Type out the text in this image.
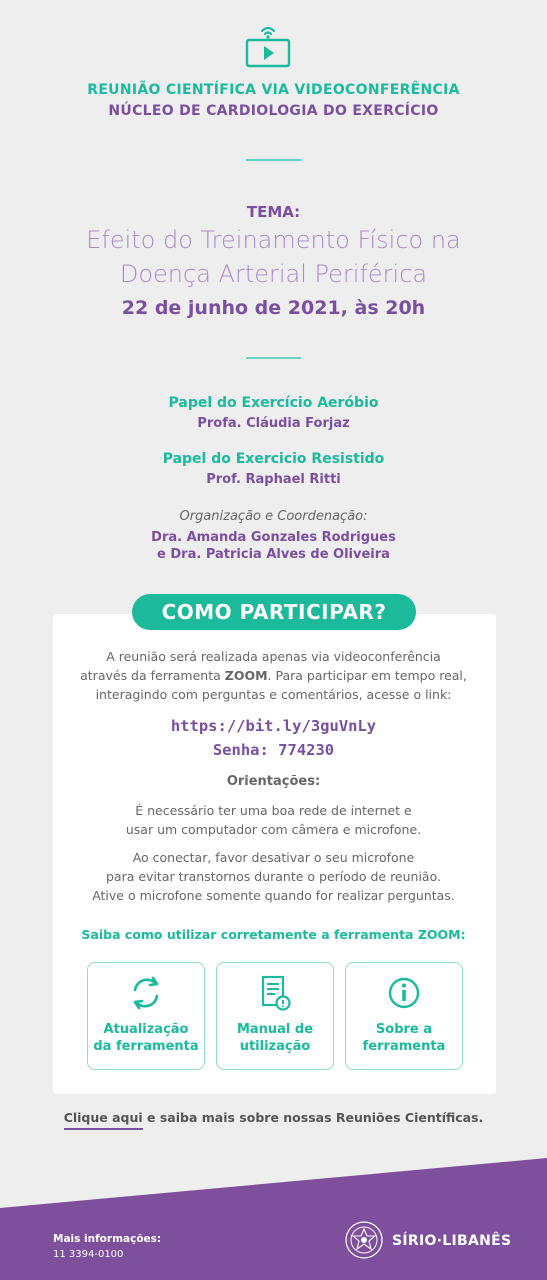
REUNIÃO CIENTÍFICA VIA VIDEOCONFERÊNCIA
NÚCLEO DE CARDIOLOGIA DO EXERCÍCIO
TEMA:
Efeito do Treinamento Físico na
Doença Arterial Periférica
22 de junho de 2021, às 20h
Papel do Exercício Aeróbio
Profa. Cláudia Forjaz
Papel do Exercicio Resistido
Prof. Raphael Ritti
Organização e Coordenação:
Dra. Amanda Gonzales Rodrigues
e Dra. Patricia Alves de Oliveira
COMO PARTICIPAR?
A reunião será realizada apenas via videoconferência
através da ferramenta ZOOM. Para participar em tempo real,
interagindo com perguntas e comentários, acesse o link:
https://bit.ly/3guVnLy
Senha: 774230
Orientações:
É necessário ter uma boa rede de internet e
usar um computador com câmera e microfone.
Ao conectar, favor desativar o seu microfone
para evitar transtornos durante o período de reunião.
Ative o microfone somente quando for realizar perguntas.
Saiba como utilizar corretamente a ferramenta ZOOM:
Atualização
da ferramenta
Manual de
utilização
Sobre a
ferramenta
Clique aqui e saiba mais sobre nossas Reuniões Científicas.
Mais informações:
11 3394-0100
SÍRIO·LIBANÊS
